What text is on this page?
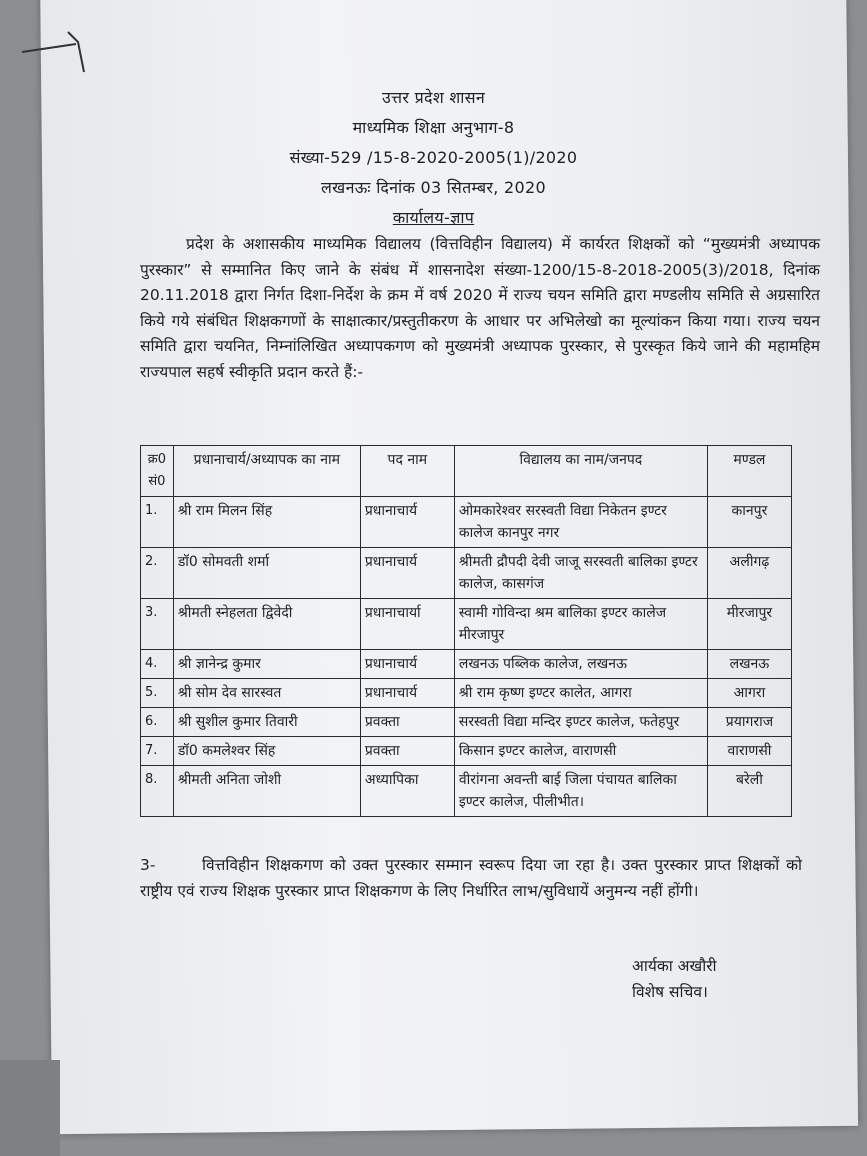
उत्तर प्रदेश शासन
माध्यमिक शिक्षा अनुभाग-8
संख्या-529 /15-8-2020-2005(1)/2020
लखनऊः दिनांक 03 सितम्बर, 2020
कार्यालय-ज्ञाप
प्रदेश के अशासकीय माध्यमिक विद्यालय (वित्तविहीन विद्यालय) में कार्यरत शिक्षकों को “मुख्यमंत्री अध्यापक पुरस्कार” से सम्मानित किए जाने के संबंध में शासनादेश संख्या-1200/15-8-2018-2005(3)/2018, दिनांक 20.11.2018 द्वारा निर्गत दिशा-निर्देश के क्रम में वर्ष 2020 में राज्य चयन समिति द्वारा मण्डलीय समिति से अग्रसारित किये गये संबंधित शिक्षकगणों के साक्षात्कार/प्रस्तुतीकरण के आधार पर अभिलेखो का मूल्यांकन किया गया। राज्य चयन समिति द्वारा चयनित, निम्नांलिखित अध्यापकगण को मुख्यमंत्री अध्यापक पुरस्कार, से पुरस्कृत किये जाने की महामहिम राज्यपाल सहर्ष स्वीकृति प्रदान करते हैं:-
क्र0 सं0	प्रधानाचार्य/अध्यापक का नाम	पद नाम	विद्यालय का नाम/जनपद	मण्डल
1.	श्री राम मिलन सिंह	प्रधानाचार्य	ओमकारेश्वर सरस्वती विद्या निकेतन इण्टर कालेज कानपुर नगर	कानपुर
2.	डॉ0 सोमवती शर्मा	प्रधानाचार्य	श्रीमती द्रौपदी देवी जाजू सरस्वती बालिका इण्टर कालेज, कासगंज	अलीगढ़
3.	श्रीमती स्नेहलता द्विवेदी	प्रधानाचार्या	स्वामी गोविन्दा श्रम बालिका इण्टर कालेज मीरजापुर	मीरजापुर
4.	श्री ज्ञानेन्द्र कुमार	प्रधानाचार्य	लखनऊ पब्लिक कालेज, लखनऊ	लखनऊ
5.	श्री सोम देव सारस्वत	प्रधानाचार्य	श्री राम कृष्ण इण्टर कालेत, आगरा	आगरा
6.	श्री सुशील कुमार तिवारी	प्रवक्ता	सरस्वती विद्या मन्दिर इण्टर कालेज, फतेहपुर	प्रयागराज
7.	डॉ0 कमलेश्वर सिंह	प्रवक्ता	किसान इण्टर कालेज, वाराणसी	वाराणसी
8.	श्रीमती अनिता जोशी	अध्यापिका	वीरांगना अवन्ती बाई जिला पंचायत बालिका इण्टर कालेज, पीलीभीत।	बरेली
3-	वित्तविहीन शिक्षकगण को उक्त पुरस्कार सम्मान स्वरूप दिया जा रहा है। उक्त पुरस्कार प्राप्त शिक्षकों को राष्ट्रीय एवं राज्य शिक्षक पुरस्कार प्राप्त शिक्षकगण के लिए निर्धारित लाभ/सुविधायें अनुमन्य नहीं होंगी।
आर्यका अखौरी
विशेष सचिव।
